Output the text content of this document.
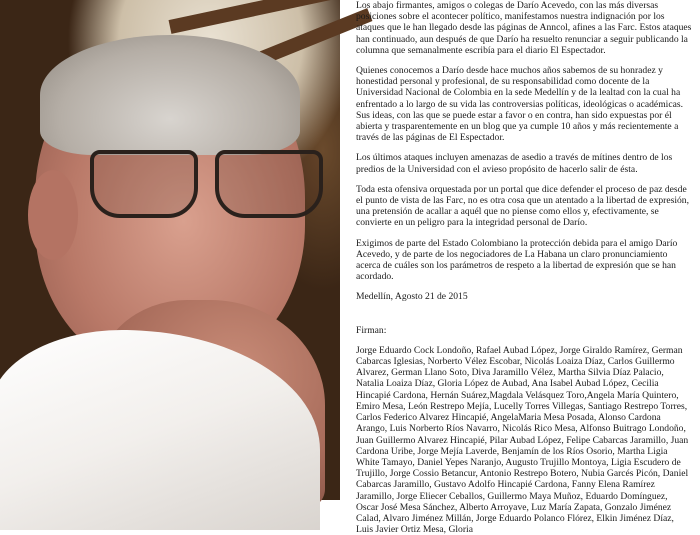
Los abajo firmantes, amigos o colegas de Darío Acevedo, con las más diversas posiciones sobre el acontecer político, manifestamos nuestra indignación por los ataques que le han llegado desde las páginas de Anncol, afines a las Farc. Estos ataques han continuado, aun después de que Darío ha resuelto renunciar a seguir publicando la columna que semanalmente escribía para el diario El Espectador.

Quienes conocemos a Darío desde hace muchos años sabemos de su honradez y honestidad personal y profesional, de su responsabilidad como docente de la Universidad Nacional de Colombia en la sede Medellín y de la lealtad con la cual ha enfrentado a lo largo de su vida las controversias políticas, ideológicas o académicas. Sus ideas, con las que se puede estar a favor o en contra, han sido expuestas por él abierta y trasparentemente en un blog que ya cumple 10 años y más recientemente a través de las páginas de El Espectador.

Los últimos ataques incluyen amenazas de asedio a través de mítines dentro de los predios de la Universidad con el avieso propósito de hacerlo salir de ésta.

Toda esta ofensiva orquestada por un portal que dice defender el proceso de paz desde el punto de vista de las Farc, no es otra cosa que un atentado a la libertad de expresión, una pretensión de acallar a aquél que no piense como ellos y, efectivamente, se convierte en un peligro para la integridad personal de Darío.

Exigimos de parte del Estado Colombiano la protección debida para el amigo Darío Acevedo, y de parte de los negociadores de La Habana un claro pronunciamiento acerca de cuáles son los parámetros de respeto a la libertad de expresión que se han acordado.

Medellín, Agosto 21 de 2015

Firman:

Jorge Eduardo Cock Londoño, Rafael Aubad López, Jorge Giraldo Ramírez, German Cabarcas Iglesias, Norberto Vélez Escobar, Nicolás Loaiza Díaz, Carlos Guillermo Alvarez, German Llano Soto, Diva Jaramillo Vélez, Martha Silvia Díaz Palacio, Natalia Loaiza Díaz, Gloria López de Aubad, Ana Isabel Aubad López, Cecilia Hincapié Cardona, Hernán Suárez,Magdala Velásquez Toro,Angela María Quintero, Emiro Mesa, León Restrepo Mejía, Lucelly Torres Villegas, Santiago Restrepo Torres, Carlos Federico Alvarez Hincapié, AngelaMaria Mesa Posada, Alonso Cardona Arango, Luis Norberto Ríos Navarro, Nicolás Rico Mesa, Alfonso Buitrago Londoño, Juan Guillermo Alvarez Hincapié, Pilar Aubad López, Felipe Cabarcas Jaramillo, Juan Cardona Uribe, Jorge Mejía Laverde, Benjamín de los Ríos Osorio, Martha Ligia White Tamayo, Daniel Yepes Naranjo, Augusto Trujillo Montoya, Ligia Escudero de Trujillo, Jorge Cossio Betancur, Antonio Restrepo Botero, Nubia Garcés Picón, Daniel Cabarcas Jaramillo, Gustavo Adolfo Hincapié Cardona, Fanny Elena Ramírez Jaramillo, Jorge Eliecer Ceballos, Guillermo Maya Muñoz, Eduardo Domínguez, Oscar José Mesa Sánchez, Alberto Arroyave, Luz María Zapata, Gonzalo Jiménez Calad, Alvaro Jiménez Millán, Jorge Eduardo Polanco Flórez, Elkin Jiménez Díaz, Luis Javier Ortiz Mesa, Gloria
